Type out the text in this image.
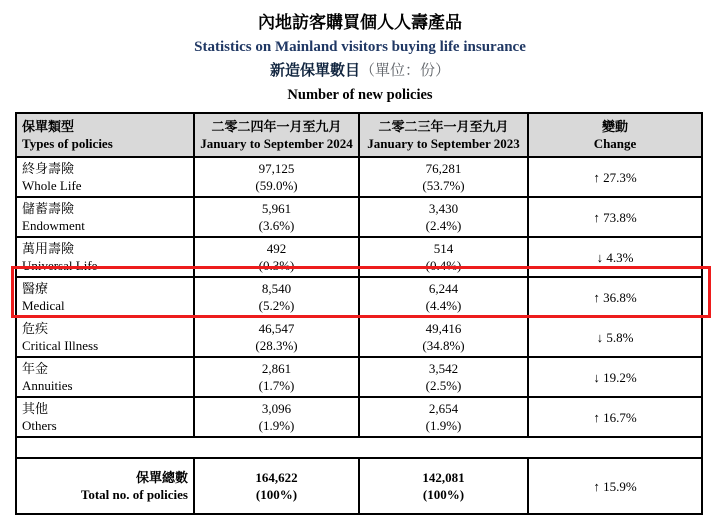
內地訪客購買個人人壽產品
Statistics on Mainland visitors buying life insurance
新造保單數目（單位：份）
Number of new policies
保單類型
Types of policies	二零二四年一月至九月
January to September 2024	二零二三年一月至九月
January to September 2023	變動
Change

終身壽險
Whole Life	97,125
(59.0%)	76,281
(53.7%)	↑ 27.3%

儲蓄壽險
Endowment	5,961
(3.6%)	3,430
(2.4%)	↑ 73.8%

萬用壽險
Universal Life	492
(0.3%)	514
(0.4%)	↓ 4.3%

醫療
Medical	8,540
(5.2%)	6,244
(4.4%)	↑ 36.8%

危疾
Critical Illness	46,547
(28.3%)	49,416
(34.8%)	↓ 5.8%

年金
Annuities	2,861
(1.7%)	3,542
(2.5%)	↓ 19.2%

其他
Others	3,096
(1.9%)	2,654
(1.9%)	↑ 16.7%

保單總數
Total no. of policies	164,622
(100%)	142,081
(100%)	↑ 15.9%
